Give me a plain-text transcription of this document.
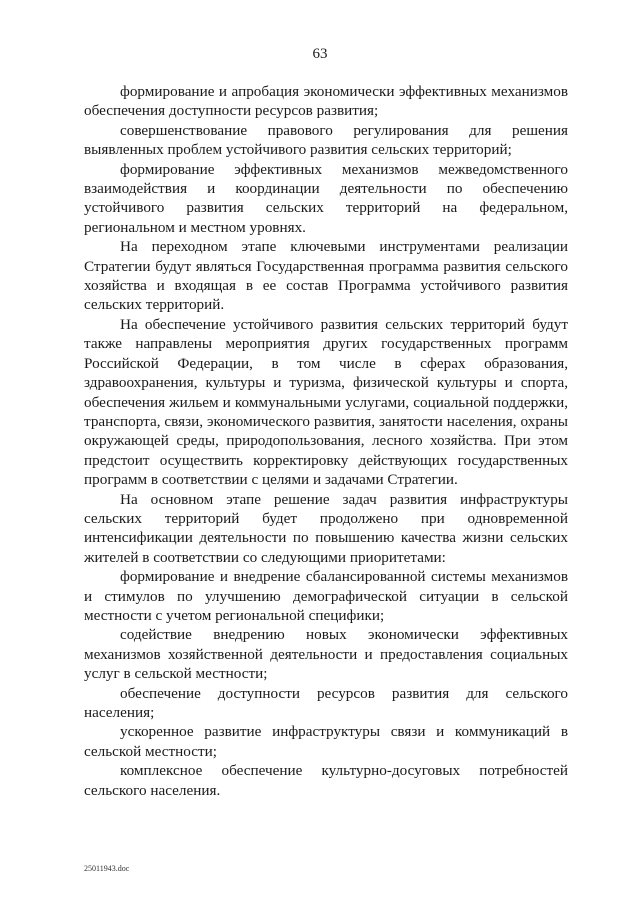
63

формирование и апробация экономически эффективных механизмов обеспечения доступности ресурсов развития;

совершенствование правового регулирования для решения выявленных проблем устойчивого развития сельских территорий;

формирование эффективных механизмов межведомственного взаимодействия и координации деятельности по обеспечению устойчивого развития сельских территорий на федеральном, региональном и местном уровнях.

На переходном этапе ключевыми инструментами реализации Стратегии будут являться Государственная программа развития сельского хозяйства и входящая в ее состав Программа устойчивого развития сельских территорий.

На обеспечение устойчивого развития сельских территорий будут также направлены мероприятия других государственных программ Российской Федерации, в том числе в сферах образования, здравоохранения, культуры и туризма, физической культуры и спорта, обеспечения жильем и коммунальными услугами, социальной поддержки, транспорта, связи, экономического развития, занятости населения, охраны окружающей среды, природопользования, лесного хозяйства. При этом предстоит осуществить корректировку действующих государственных программ в соответствии с целями и задачами Стратегии.

На основном этапе решение задач развития инфраструктуры сельских территорий будет продолжено при одновременной интенсификации деятельности по повышению качества жизни сельских жителей в соответствии со следующими приоритетами:

формирование и внедрение сбалансированной системы механизмов и стимулов по улучшению демографической ситуации в сельской местности с учетом региональной специфики;

содействие внедрению новых экономически эффективных механизмов хозяйственной деятельности и предоставления социальных услуг в сельской местности;

обеспечение доступности ресурсов развития для сельского населения;

ускоренное развитие инфраструктуры связи и коммуникаций в сельской местности;

комплексное обеспечение культурно-досуговых потребностей сельского населения.

25011943.doc
